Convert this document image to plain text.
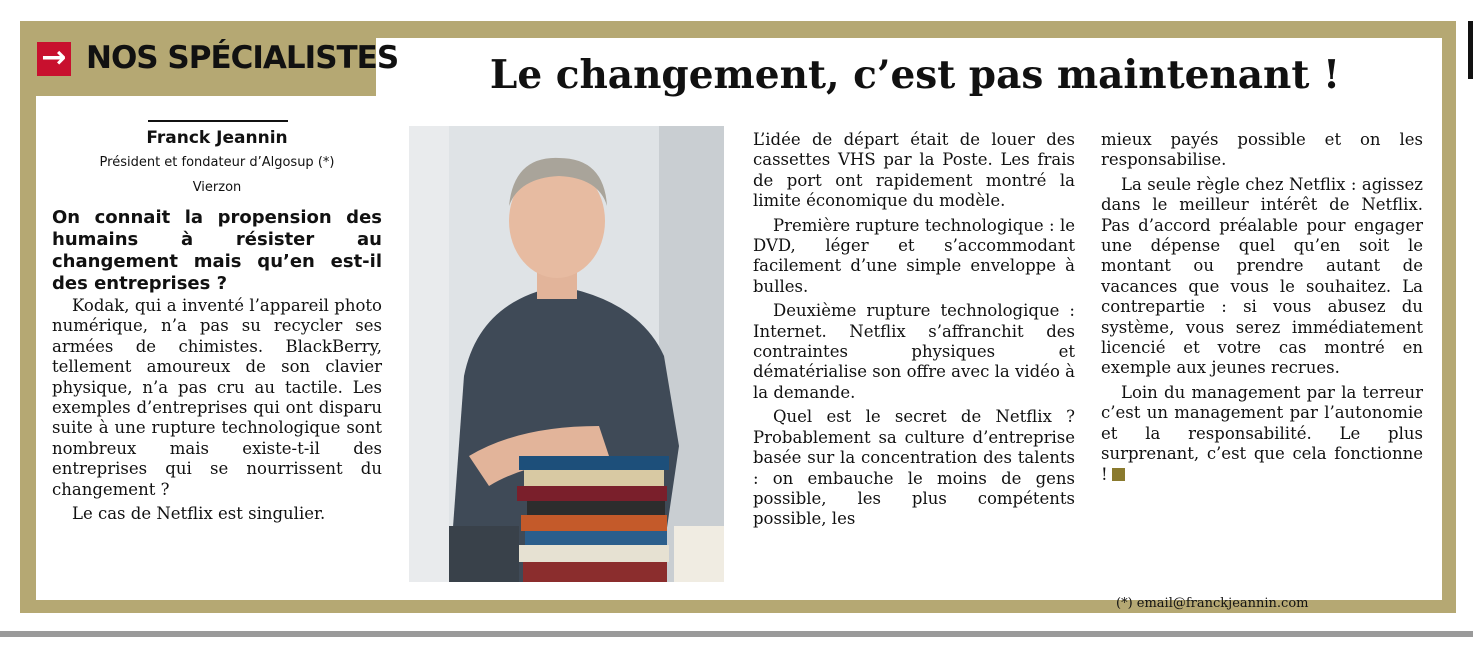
→ NOS SPÉCIALISTES	Le changement, c’est pas maintenant !
Franck Jeannin
Président et fondateur d’Algosup (*)
Vierzon
On connait la propension des humains à résister au changement mais qu’en est-il des entreprises ?

Kodak, qui a inventé l’appareil photo numérique, n’a pas su recycler ses armées de chimistes. BlackBerry, tellement amoureux de son clavier physique, n’a pas cru au tactile. Les exemples d’entreprises qui ont disparu suite à une rupture technologique sont nombreux mais existe-t-il des entreprises qui se nourrissent du changement ?

Le cas de Netflix est singulier.

L’idée de départ était de louer des cassettes VHS par la Poste. Les frais de port ont rapidement montré la limite économique du modèle.

Première rupture technologique : le DVD, léger et s’accommodant facilement d’une simple enveloppe à bulles.

Deuxième rupture technologique : Internet. Netflix s’affranchit des contraintes physiques et dématérialise son offre avec la vidéo à la demande.

Quel est le secret de Netflix ? Probablement sa culture d’entreprise basée sur la concentration des talents : on embauche le moins de gens possible, les plus compétents possible, les

mieux payés possible et on les responsabilise.

La seule règle chez Netflix : agissez dans le meilleur intérêt de Netflix. Pas d’accord préalable pour engager une dépense quel qu’en soit le montant ou prendre autant de vacances que vous le souhaitez. La contrepartie : si vous abusez du système, vous serez immédiatement licencié et votre cas montré en exemple aux jeunes recrues.

Loin du management par la terreur c’est un management par l’autonomie et la responsabilité. Le plus surprenant, c’est que cela fonctionne !

(*) email@franckjeannin.com
